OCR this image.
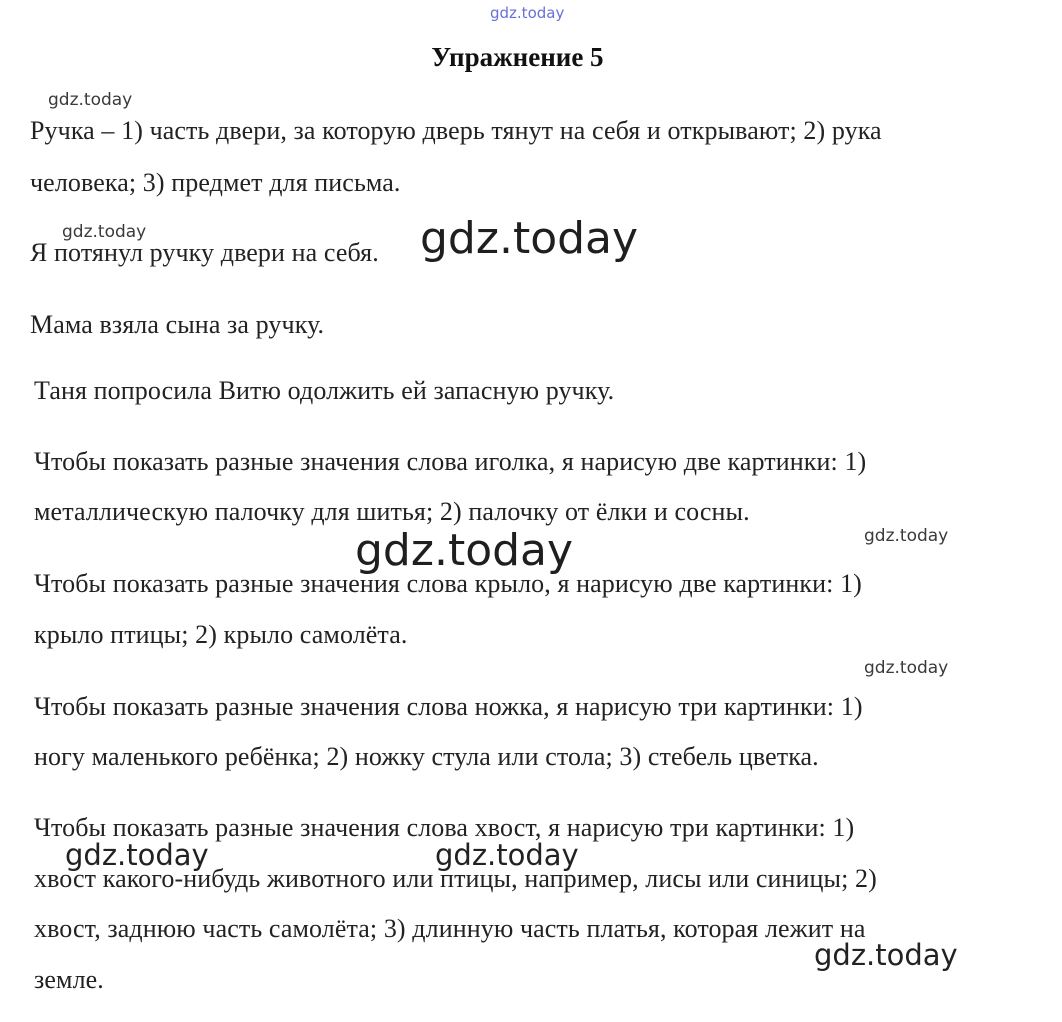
gdz.today
Упражнение 5
gdz.today
Ручка – 1) часть двери, за которую дверь тянут на себя и открывают; 2) рука
человека; 3) предмет для письма.
gdz.today
Я потянул ручку двери на себя. gdz.today
Мама взяла сына за ручку.
Таня попросила Витю одолжить ей запасную ручку.
Чтобы показать разные значения слова иголка, я нарисую две картинки: 1)
металлическую палочку для шитья; 2) палочку от ёлки и сосны.
gdz.today
gdz.today
Чтобы показать разные значения слова крыло, я нарисую две картинки: 1)
крыло птицы; 2) крыло самолёта.
gdz.today
Чтобы показать разные значения слова ножка, я нарисую три картинки: 1)
ногу маленького ребёнка; 2) ножку стула или стола; 3) стебель цветка.
Чтобы показать разные значения слова хвост, я нарисую три картинки: 1)
gdz.today	gdz.today
хвост какого-нибудь животного или птицы, например, лисы или синицы; 2)
хвост, заднюю часть самолёта; 3) длинную часть платья, которая лежит на
gdz.today
земле.
